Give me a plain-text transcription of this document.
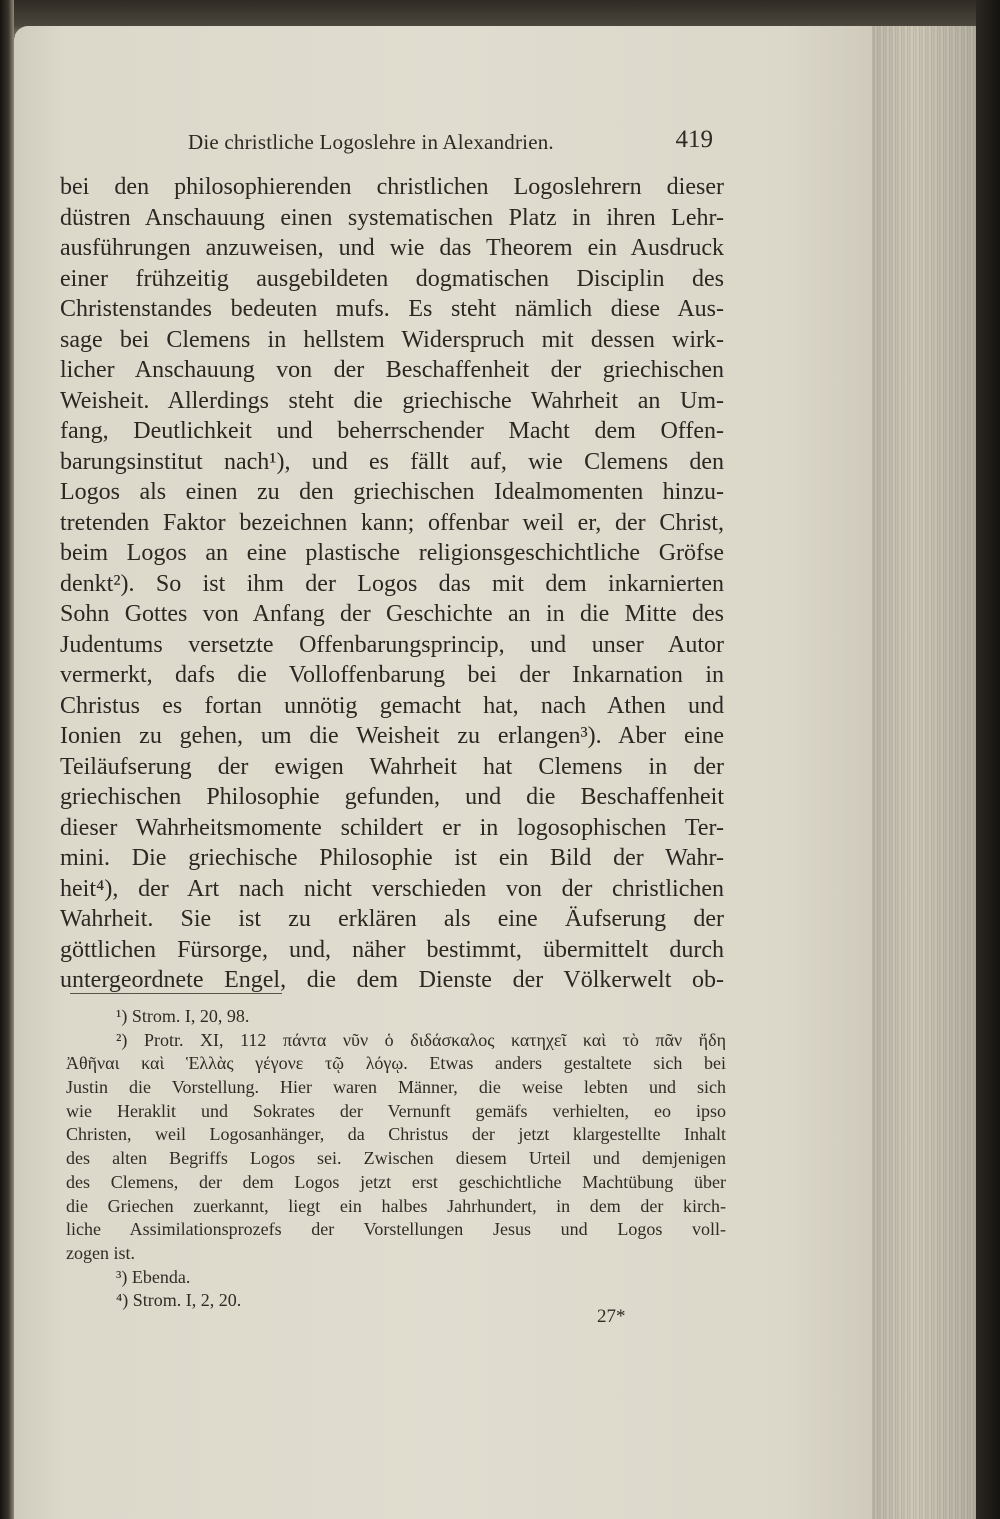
Die christliche Logoslehre in Alexandrien.	419
bei den philosophierenden christlichen Logoslehrern dieser
düstren Anschauung einen systematischen Platz in ihren Lehr-
ausführungen anzuweisen, und wie das Theorem ein Ausdruck
einer frühzeitig ausgebildeten dogmatischen Disciplin des
Christenstandes bedeuten mufs. Es steht nämlich diese Aus-
sage bei Clemens in hellstem Widerspruch mit dessen wirk-
licher Anschauung von der Beschaffenheit der griechischen
Weisheit. Allerdings steht die griechische Wahrheit an Um-
fang, Deutlichkeit und beherrschender Macht dem Offen-
barungsinstitut nach¹), und es fällt auf, wie Clemens den
Logos als einen zu den griechischen Idealmomenten hinzu-
tretenden Faktor bezeichnen kann; offenbar weil er, der Christ,
beim Logos an eine plastische religionsgeschichtliche Gröfse
denkt²). So ist ihm der Logos das mit dem inkarnierten
Sohn Gottes von Anfang der Geschichte an in die Mitte des
Judentums versetzte Offenbarungsprincip, und unser Autor
vermerkt, dafs die Volloffenbarung bei der Inkarnation in
Christus es fortan unnötig gemacht hat, nach Athen und
Ionien zu gehen, um die Weisheit zu erlangen³). Aber eine
Teiläufserung der ewigen Wahrheit hat Clemens in der
griechischen Philosophie gefunden, und die Beschaffenheit
dieser Wahrheitsmomente schildert er in logosophischen Ter-
mini. Die griechische Philosophie ist ein Bild der Wahr-
heit⁴), der Art nach nicht verschieden von der christlichen
Wahrheit. Sie ist zu erklären als eine Äufserung der
göttlichen Fürsorge, und, näher bestimmt, übermittelt durch
untergeordnete Engel, die dem Dienste der Völkerwelt ob-
¹) Strom. I, 20, 98.
²) Protr. XI, 112 πάντα νῦν ὁ διδάσκαλος κατηχεῖ καὶ τὸ πᾶν ἤδη
Ἀθῆναι καὶ Ἑλλὰς γέγονε τῷ λόγῳ. Etwas anders gestaltete sich bei
Justin die Vorstellung. Hier waren Männer, die weise lebten und sich
wie Heraklit und Sokrates der Vernunft gemäfs verhielten, eo ipso
Christen, weil Logosanhänger, da Christus der jetzt klargestellte Inhalt
des alten Begriffs Logos sei. Zwischen diesem Urteil und demjenigen
des Clemens, der dem Logos jetzt erst geschichtliche Machtübung über
die Griechen zuerkannt, liegt ein halbes Jahrhundert, in dem der kirch-
liche Assimilationsprozefs der Vorstellungen Jesus und Logos voll-
zogen ist.
³) Ebenda.
⁴) Strom. I, 2, 20.
27*
